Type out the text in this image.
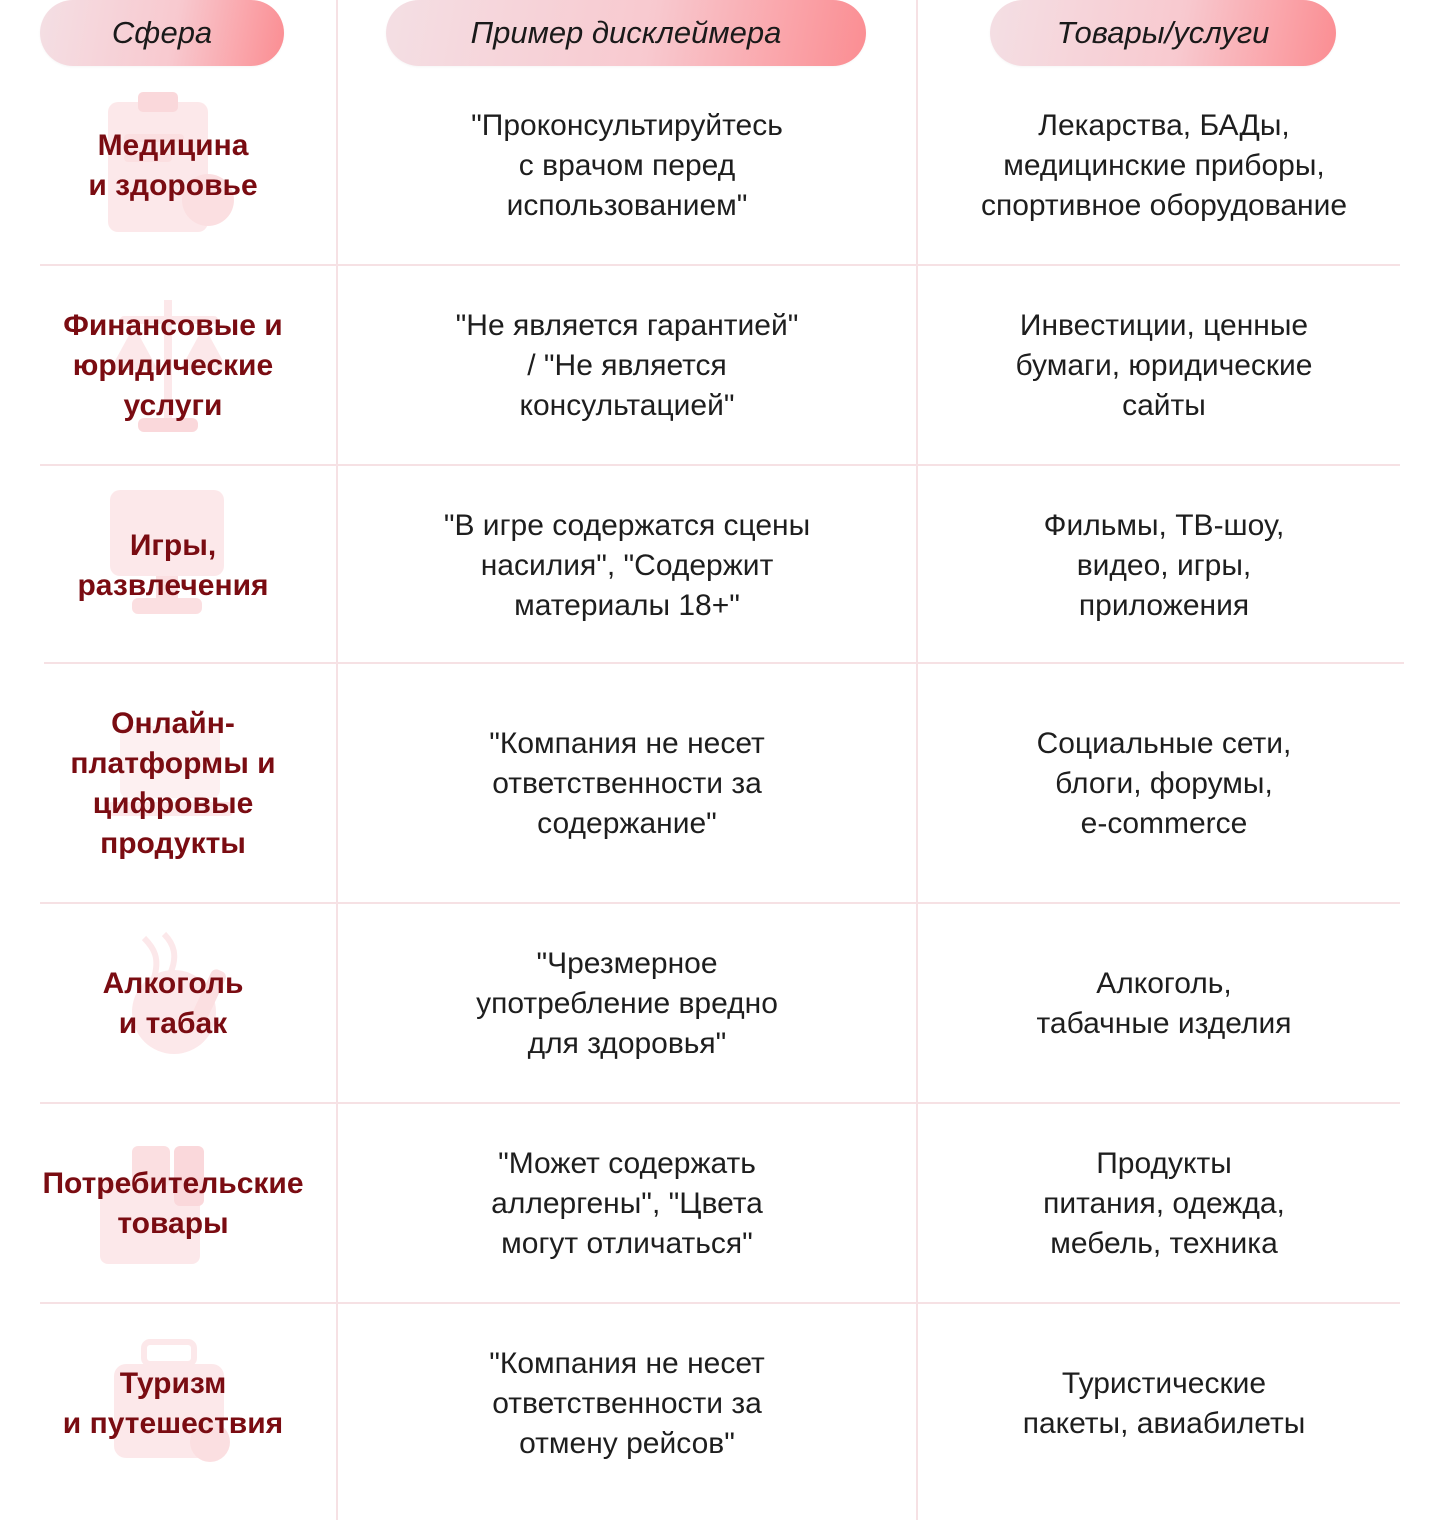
Сфера	Пример дисклеймера	Товары/услуги
Медицина
и здоровье
"Проконсультируйтесь
с врачом перед
использованием"
Лекарства, БАДы,
медицинские приборы,
спортивное оборудование
Финансовые и
юридические
услуги
"Не является гарантией"
/ "Не является
консультацией"
Инвестиции, ценные
бумаги, юридические
сайты
Игры,
развлечения
"В игре содержатся сцены
насилия", "Содержит
материалы 18+"
Фильмы, ТВ-шоу,
видео, игры,
приложения
Онлайн-
платформы и
цифровые
продукты
"Компания не несет
ответственности за
содержание"
Социальные сети,
блоги, форумы,
e-commerce
Алкоголь
и табак
"Чрезмерное
употребление вредно
для здоровья"
Алкоголь,
табачные изделия
Потребительские
товары
"Может содержать
аллергены", "Цвета
могут отличаться"
Продукты
питания, одежда,
мебель, техника
Туризм
и путешествия
"Компания не несет
ответственности за
отмену рейсов"
Туристические
пакеты, авиабилеты
